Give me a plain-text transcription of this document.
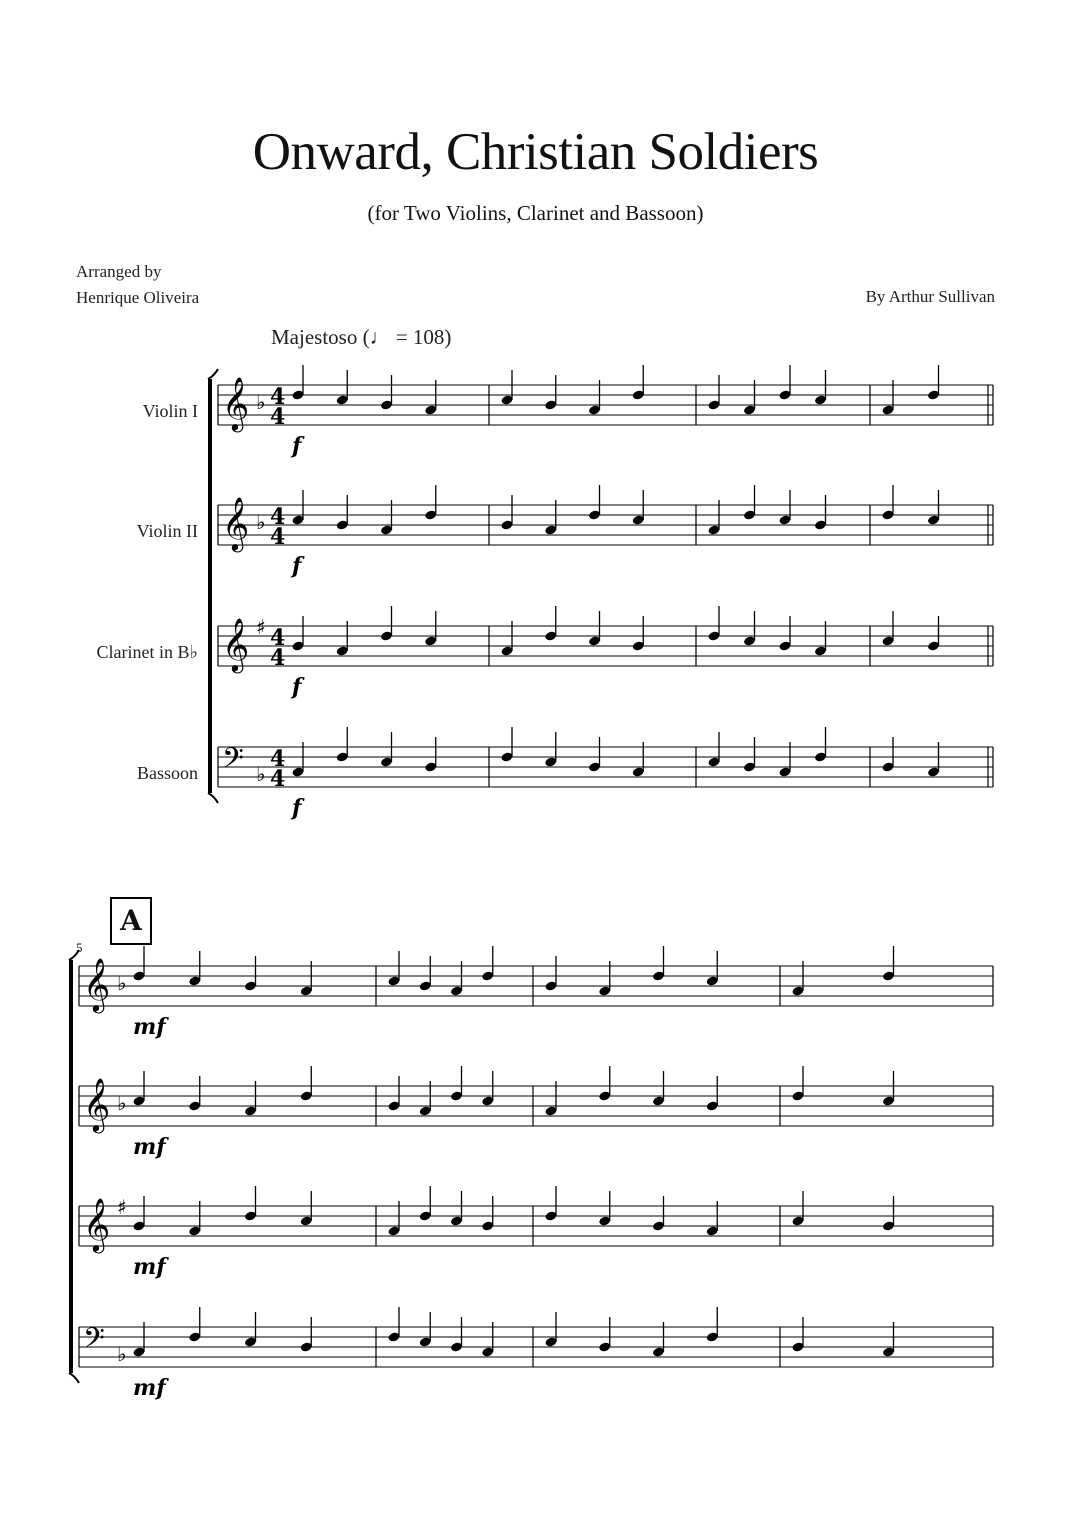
Onward, Christian Soldiers
(for Two Violins, Clarinet and Bassoon)
Arranged by
Henrique Oliveira	By Arthur Sullivan
Majestoso (♩ = 108)
Violin I
Violin II
Clarinet in B♭
Bassoon
A
5
𝄞 ♭ 4
4
f
𝄞 ♭ 4
4
f
𝄞 ♯ 4
4
f
𝄢 ♭
4
4
f
𝄞 ♭
mf
𝄞 ♭
mf
𝄞 ♯
mf
𝄢 ♭
mf
